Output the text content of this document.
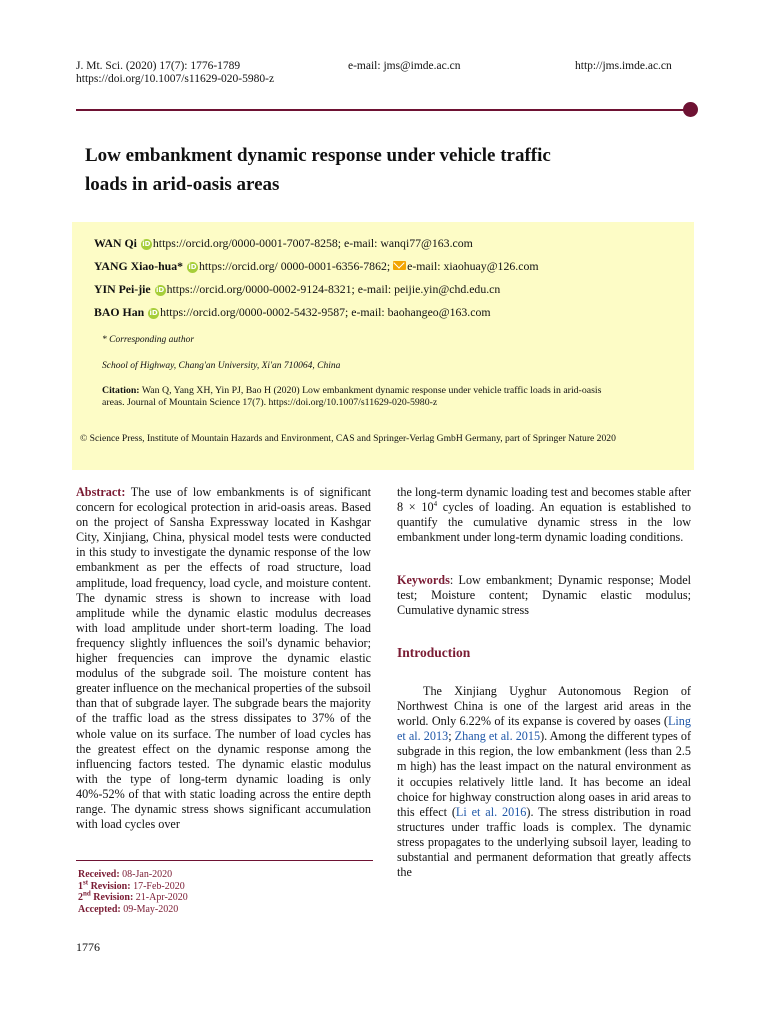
J. Mt. Sci. (2020) 17(7): 1776-1789
https://doi.org/10.1007/s11629-020-5980-z
e-mail: jms@imde.ac.cn	http://jms.imde.ac.cn
Low embankment dynamic response under vehicle traffic
loads in arid-oasis areas
WAN Qi iD https://orcid.org/0000-0001-7007-8258; e-mail: wanqi77@163.com
YANG Xiao-hua* iD https://orcid.org/ 0000-0001-6356-7862; e-mail: xiaohuay@126.com
YIN Pei-jie iD https://orcid.org/0000-0002-9124-8321; e-mail: peijie.yin@chd.edu.cn
BAO Han iD https://orcid.org/0000-0002-5432-9587; e-mail: baohangeo@163.com
* Corresponding author
School of Highway, Chang'an University, Xi'an 710064, China
Citation: Wan Q, Yang XH, Yin PJ, Bao H (2020) Low embankment dynamic response under vehicle traffic loads in arid-oasis
areas. Journal of Mountain Science 17(7). https://doi.org/10.1007/s11629-020-5980-z
© Science Press, Institute of Mountain Hazards and Environment, CAS and Springer-Verlag GmbH Germany, part of Springer Nature 2020
Abstract: The use of low embankments is of significant concern for ecological protection in arid-oasis areas. Based on the project of Sansha Expressway located in Kashgar City, Xinjiang, China, physical model tests were conducted in this study to investigate the dynamic response of the low embankment as per the effects of road structure, load amplitude, load frequency, load cycle, and moisture content. The dynamic stress is shown to increase with load amplitude while the dynamic elastic modulus decreases with load amplitude under short-term loading. The load frequency slightly influences the soil's dynamic behavior; higher frequencies can improve the dynamic elastic modulus of the subgrade soil. The moisture content has greater influence on the mechanical properties of the subsoil than that of subgrade layer. The subgrade bears the majority of the traffic load as the stress dissipates to 37% of the whole value on its surface. The number of load cycles has the greatest effect on the dynamic response among the influencing factors tested. The dynamic elastic modulus with the type of long-term dynamic loading is only 40%-52% of that with static loading across the entire depth range. The dynamic stress shows significant accumulation with load cycles over
Received: 08-Jan-2020
1st Revision: 17-Feb-2020
2nd Revision: 21-Apr-2020
Accepted: 09-May-2020
the long-term dynamic loading test and becomes stable after $8 \times 10^4$ cycles of loading. An equation is established to quantify the cumulative dynamic stress in the low embankment under long-term dynamic loading conditions.
Keywords: Low embankment; Dynamic response; Model test; Moisture content; Dynamic elastic modulus; Cumulative dynamic stress
Introduction
The Xinjiang Uyghur Autonomous Region of Northwest China is one of the largest arid areas in the world. Only 6.22% of its expanse is covered by oases (Ling et al. 2013; Zhang et al. 2015). Among the different types of subgrade in this region, the low embankment (less than 2.5 m high) has the least impact on the natural environment as it occupies relatively little land. It has become an ideal choice for highway construction along oases in arid areas to this effect (Li et al. 2016). The stress distribution in road structures under traffic loads is complex. The dynamic stress propagates to the underlying subsoil layer, leading to substantial and permanent deformation that greatly affects the
1776
